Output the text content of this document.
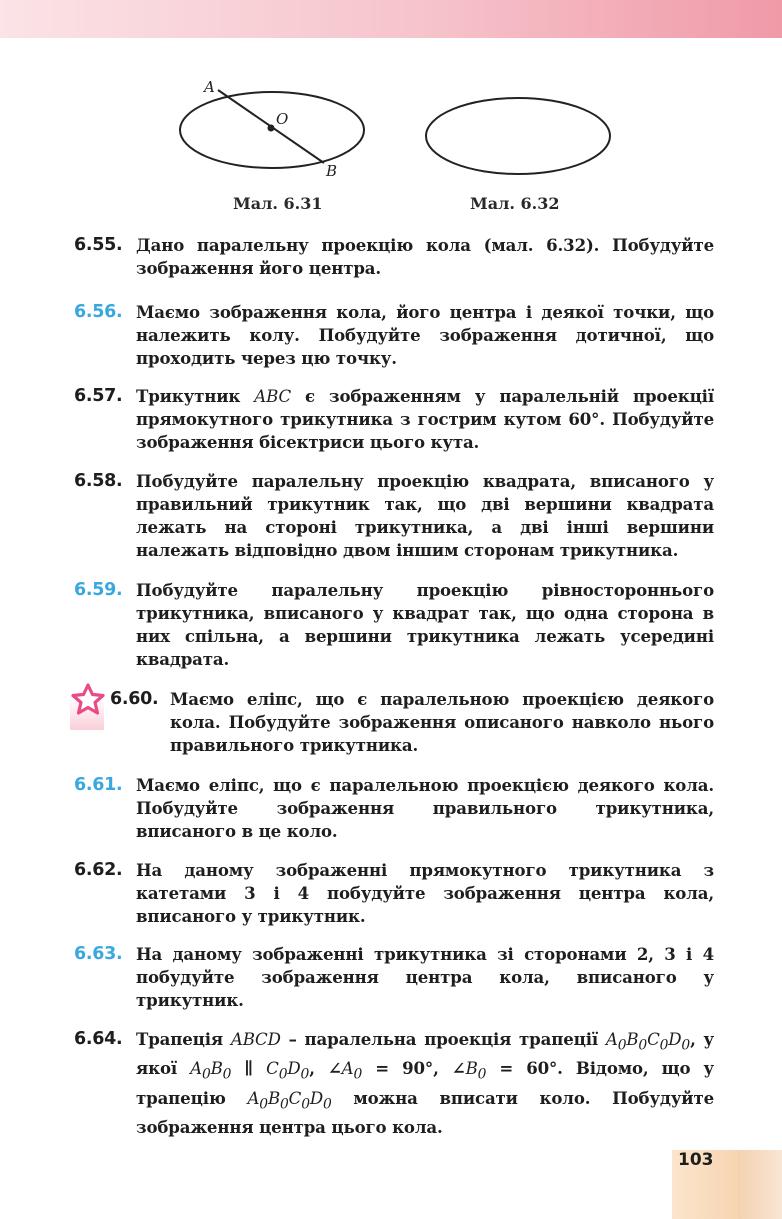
A
O
B
Мал. 6.31	Мал. 6.32
6.55. Дано паралельну проекцію кола (мал. 6.32). Побудуйте зображення його центра.
6.56. Маємо зображення кола, його центра і деякої точки, що належить колу. Побудуйте зображення дотичної, що проходить через цю точку.
6.57. Трикутник ABC є зображенням у паралельній проекції прямокутного трикутника з гострим кутом 60°. Побудуйте зображення бісектриси цього кута.
6.58. Побудуйте паралельну проекцію квадрата, вписаного у правильний трикутник так, що дві вершини квадрата лежать на стороні трикутника, а дві інші вершини належать відповідно двом іншим сторонам трикутника.
6.59. Побудуйте паралельну проекцію рівностороннього трикутника, вписаного у квадрат так, що одна сторона в них спільна, а вершини трикутника лежать усередині квадрата.
6.60. Маємо еліпс, що є паралельною проекцією деякого кола. Побудуйте зображення описаного навколо нього правильного трикутника.
6.61. Маємо еліпс, що є паралельною проекцією деякого кола. Побудуйте зображення правильного трикутника, вписаного в це коло.
6.62. На даному зображенні прямокутного трикутника з катетами 3 і 4 побудуйте зображення центра кола, вписаного у трикутник.
6.63. На даному зображенні трикутника зі сторонами 2, 3 і 4 побудуйте зображення центра кола, вписаного у трикутник.
6.64. Трапеція ABCD – паралельна проекція трапеції $A_0B_0C_0D_0$, у якої $A_0B_0$ ∥ $C_0D_0$, $\angle A_0 = 90^\circ$, $\angle B_0 = 60^\circ$. Відомо, що у трапецію $A_0B_0C_0D_0$ можна вписати коло. Побудуйте зображення центра цього кола.
103
